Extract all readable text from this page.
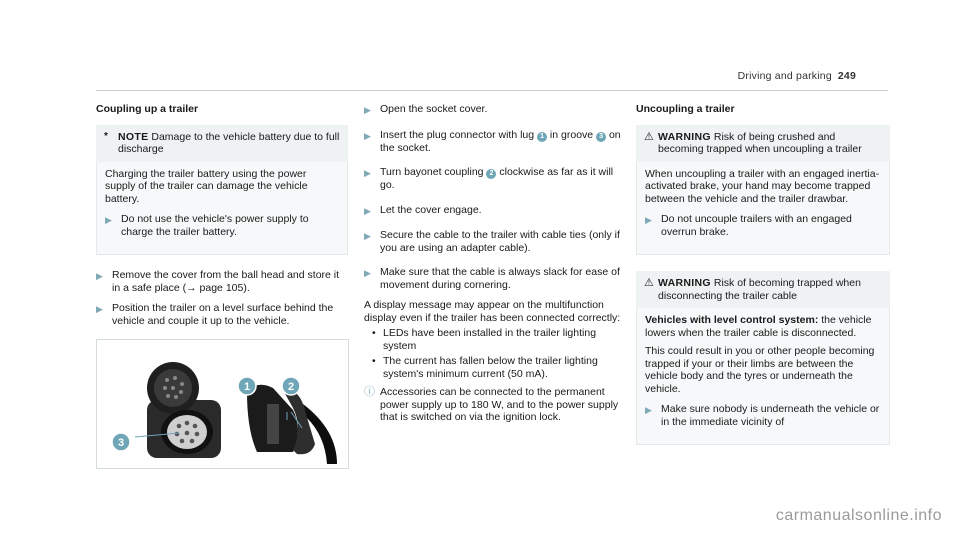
Driving and parking 249
Coupling up a trailer
* NOTE Damage to the vehicle battery due to full discharge

Charging the trailer battery using the power supply of the trailer can damage the vehicle battery.

▶ Do not use the vehicle's power supply to charge the trailer battery.
▶ Remove the cover from the ball head and store it in a safe place (→ page 105).
▶ Position the trailer on a level surface behind the vehicle and couple it up to the vehicle.
1	2
3
▶ Open the socket cover.
▶ Insert the plug connector with lug 1 in groove 3 on the socket.
▶ Turn bayonet coupling 2 clockwise as far as it will go.
▶ Let the cover engage.
▶ Secure the cable to the trailer with cable ties (only if you are using an adapter cable).
▶ Make sure that the cable is always slack for ease of movement during cornering.

A display message may appear on the multifunction display even if the trailer has been connected correctly:

• LEDs have been installed in the trailer lighting system
• The current has fallen below the trailer lighting system's minimum current (50 mA).
ⓘ Accessories can be connected to the permanent power supply up to 180 W, and to the power supply that is switched on via the ignition lock.
Uncoupling a trailer
⚠ WARNING Risk of being crushed and becoming trapped when uncoupling a trailer

When uncoupling a trailer with an engaged inertia-activated brake, your hand may become trapped between the vehicle and the trailer drawbar.

▶ Do not uncouple trailers with an engaged overrun brake.
⚠ WARNING Risk of becoming trapped when disconnecting the trailer cable

Vehicles with level control system: the vehicle lowers when the trailer cable is disconnected.

This could result in you or other people becoming trapped if your or their limbs are between the vehicle body and the tyres or underneath the vehicle.

▶ Make sure nobody is underneath the vehicle or in the immediate vicinity of
carmanualsonline.info
